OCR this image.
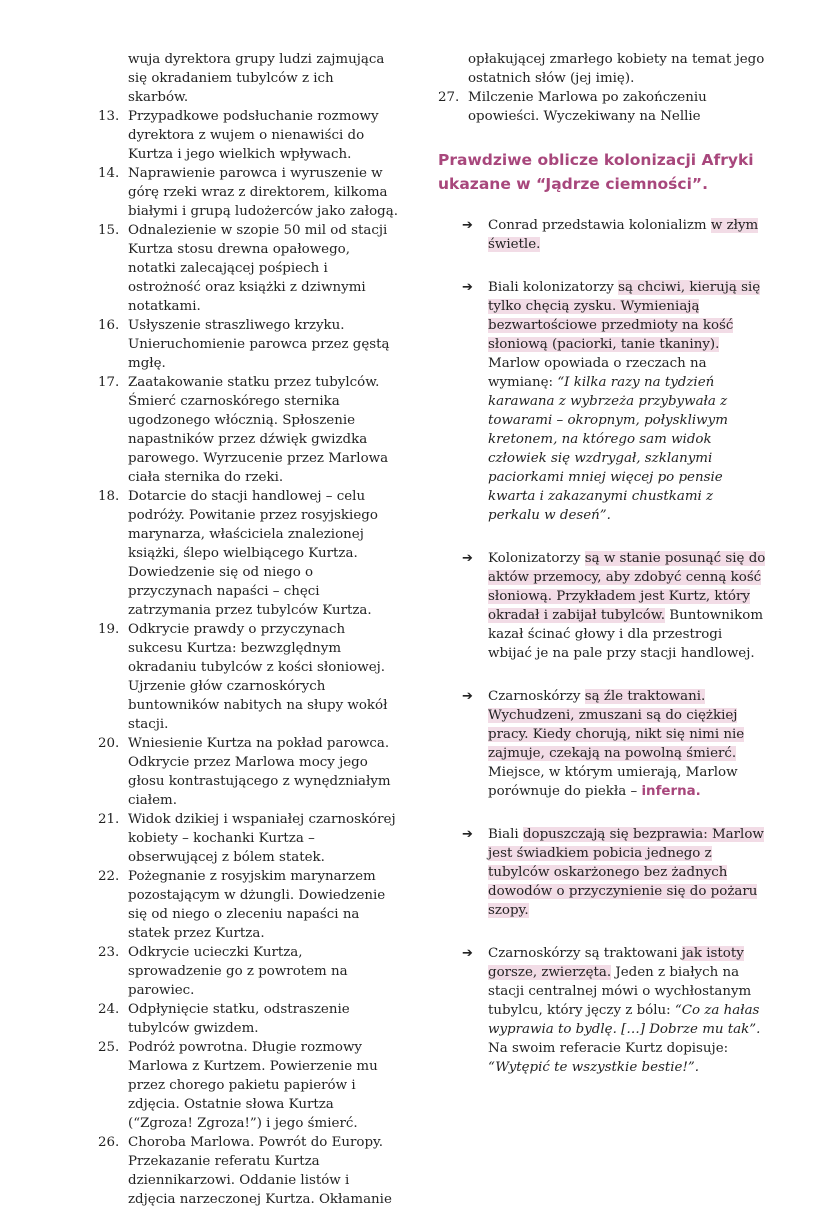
wuja dyrektora grupy ludzi zajmująca się okradaniem tubylców z ich skarbów.
13. Przypadkowe podsłuchanie rozmowy dyrektora z wujem o nienawiści do Kurtza i jego wielkich wpływach.
14. Naprawienie parowca i wyruszenie w górę rzeki wraz z direktorem, kilkoma białymi i grupą ludożerców jako załogą.
15. Odnalezienie w szopie 50 mil od stacji Kurtza stosu drewna opałowego, notatki zalecającej pośpiech i ostrożność oraz książki z dziwnymi notatkami.
16. Usłyszenie straszliwego krzyku. Unieruchomienie parowca przez gęstą mgłę.
17. Zaatakowanie statku przez tubylców. Śmierć czarnoskórego sternika ugodzonego włócznią. Spłoszenie napastników przez dźwięk gwizdka parowego. Wyrzucenie przez Marlowa ciała sternika do rzeki.
18. Dotarcie do stacji handlowej – celu podróży. Powitanie przez rosyjskiego marynarza, właściciela znalezionej książki, ślepo wielbiącego Kurtza. Dowiedzenie się od niego o przyczynach napaści – chęci zatrzymania przez tubylców Kurtza.
19. Odkrycie prawdy o przyczynach sukcesu Kurtza: bezwzględnym okradaniu tubylców z kości słoniowej. Ujrzenie głów czarnoskórych buntowników nabitych na słupy wokół stacji.
20. Wniesienie Kurtza na pokład parowca. Odkrycie przez Marlowa mocy jego głosu kontrastującego z wynędzniałym ciałem.
21. Widok dzikiej i wspaniałej czarnoskórej kobiety – kochanki Kurtza – obserwującej z bólem statek.
22. Pożegnanie z rosyjskim marynarzem pozostającym w dżungli. Dowiedzenie się od niego o zleceniu napaści na statek przez Kurtza.
23. Odkrycie ucieczki Kurtza, sprowadzenie go z powrotem na parowiec.
24. Odpłynięcie statku, odstraszenie tubylców gwizdem.
25. Podróż powrotna. Długie rozmowy Marlowa z Kurtzem. Powierzenie mu przez chorego pakietu papierów i zdjęcia. Ostatnie słowa Kurtza (“Zgroza! Zgroza!”) i jego śmierć.
26. Choroba Marlowa. Powrót do Europy. Przekazanie referatu Kurtza dziennikarzowi. Oddanie listów i zdjęcia narzeczonej Kurtza. Okłamanie
opłakującej zmarłego kobiety na temat jego ostatnich słów (jej imię).
27. Milczenie Marlowa po zakończeniu opowieści. Wyczekiwany na Nellie
Prawdziwe oblicze kolonizacji Afryki ukazane w “Jądrze ciemności”.
➔ Conrad przedstawia kolonializm w złym świetle.
➔ Biali kolonizatorzy są chciwi, kierują się tylko chęcią zysku. Wymieniają bezwartościowe przedmioty na kość słoniową (paciorki, tanie tkaniny). Marlow opowiada o rzeczach na wymianę: “I kilka razy na tydzień karawana z wybrzeża przybywała z towarami – okropnym, połyskliwym kretonem, na którego sam widok człowiek się wzdrygał, szklanymi paciorkami mniej więcej po pensie kwarta i zakazanymi chustkami z perkalu w deseń”.
➔ Kolonizatorzy są w stanie posunąć się do aktów przemocy, aby zdobyć cenną kość słoniową. Przykładem jest Kurtz, który okradał i zabijał tubylców. Buntownikom kazał ścinać głowy i dla przestrogi wbijać je na pale przy stacji handlowej.
➔ Czarnoskórzy są źle traktowani. Wychudzeni, zmuszani są do ciężkiej pracy. Kiedy chorują, nikt się nimi nie zajmuje, czekają na powolną śmierć. Miejsce, w którym umierają, Marlow porównuje do piekła – inferna.
➔ Biali dopuszczają się bezprawia: Marlow jest świadkiem pobicia jednego z tubylców oskarżonego bez żadnych dowodów o przyczynienie się do pożaru szopy.
➔ Czarnoskórzy są traktowani jak istoty gorsze, zwierzęta. Jeden z białych na stacji centralnej mówi o wychłostanym tubylcu, który jęczy z bólu: “Co za hałas wyprawia to bydlę. […] Dobrze mu tak”. Na swoim referacie Kurtz dopisuje: “Wytępić te wszystkie bestie!”.
